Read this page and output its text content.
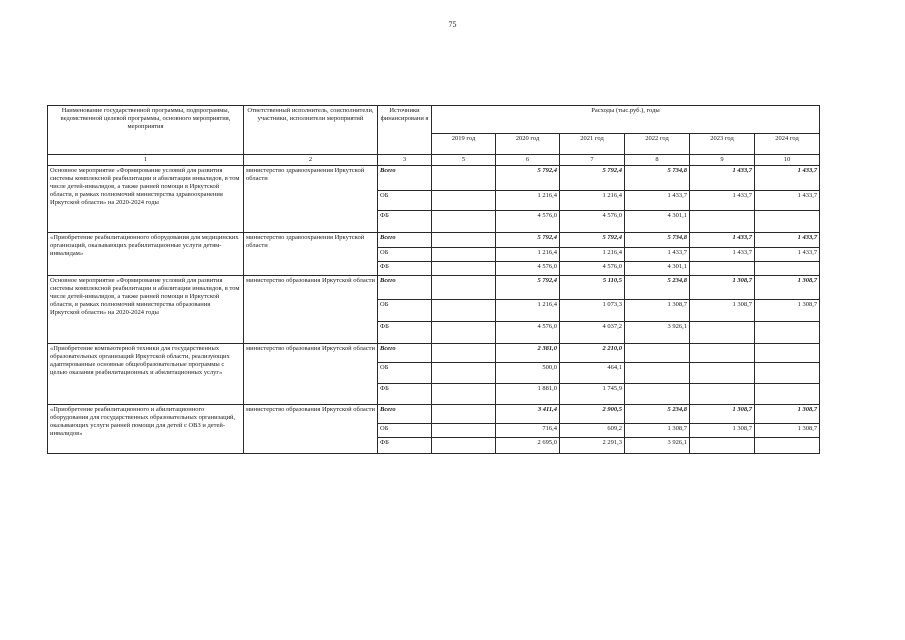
75
Наименование государственной программы, подпрограммы, ведомственной целевой программы, основного мероприятия, мероприятия	Ответственный исполнитель, соисполнители, участники, исполнители мероприятий	Источники финансировани я	Расходы (тыс.руб.), годы					
			2019 год	2020 год	2021 год	2022 год	2023 год	2024 год
1	2	3	5	6	7	8	9	10
Основное мероприятие «Формирование условий для развития системы комплексной реабилитации и абилитации инвалидов, в том числе детей-инвалидов, а также ранней помощи в Иркутской области, в рамках полномочий министерства здравоохранения Иркутской области» на 2020-2024 годы	министерство здравоохранения Иркутской области	Всего		5 792,4	5 792,4	5 734,8	1 433,7	1 433,7
		ОБ		1 216,4	1 216,4	1 433,7	1 433,7	1 433,7
		ФБ		4 576,0	4 576,0	4 301,1		
«Приобретение реабилитационного оборудования для медицинских организаций, оказывающих реабилитационные услуги детям-инвалидам»	министерство здравоохранения Иркутской области	Всего		5 792,4	5 792,4	5 734,8	1 433,7	1 433,7
		ОБ		1 216,4	1 216,4	1 433,7	1 433,7	1 433,7
		ФБ		4 576,0	4 576,0	4 301,1		
Основное мероприятие «Формирование условий для развития системы комплексной реабилитации и абилитации инвалидов, в том числе детей-инвалидов, а также ранней помощи в Иркутской области, в рамках полномочий министерства образования Иркутской области» на 2020-2024 годы	министерство образования Иркутской области	Всего		5 792,4	5 110,5	5 234,8	1 308,7	1 308,7
		ОБ		1 216,4	1 073,3	1 308,7	1 308,7	1 308,7
		ФБ		4 576,0	4 037,2	3 926,1		
«Приобретение компьютерной техники для государственных образовательных организаций Иркутской области, реализующих адаптированные основные общеобразовательные программы с целью оказания реабилитационных и абилитационных услуг»	министерство образования Иркутской области	Всего		2 381,0	2 210,0			
		ОБ		500,0	464,1			
		ФБ		1 881,0	1 745,9			
«Приобретение реабилитационного и абилитационного оборудования для государственных образовательных организаций, оказывающих услуги ранней помощи для детей с ОВЗ и детей-инвалидов»	министерство образования Иркутской области	Всего		3 411,4	2 900,5	5 234,8	1 308,7	1 308,7
		ОБ		716,4	609,2	1 308,7	1 308,7	1 308,7
		ФБ		2 695,0	2 291,3	3 926,1		
